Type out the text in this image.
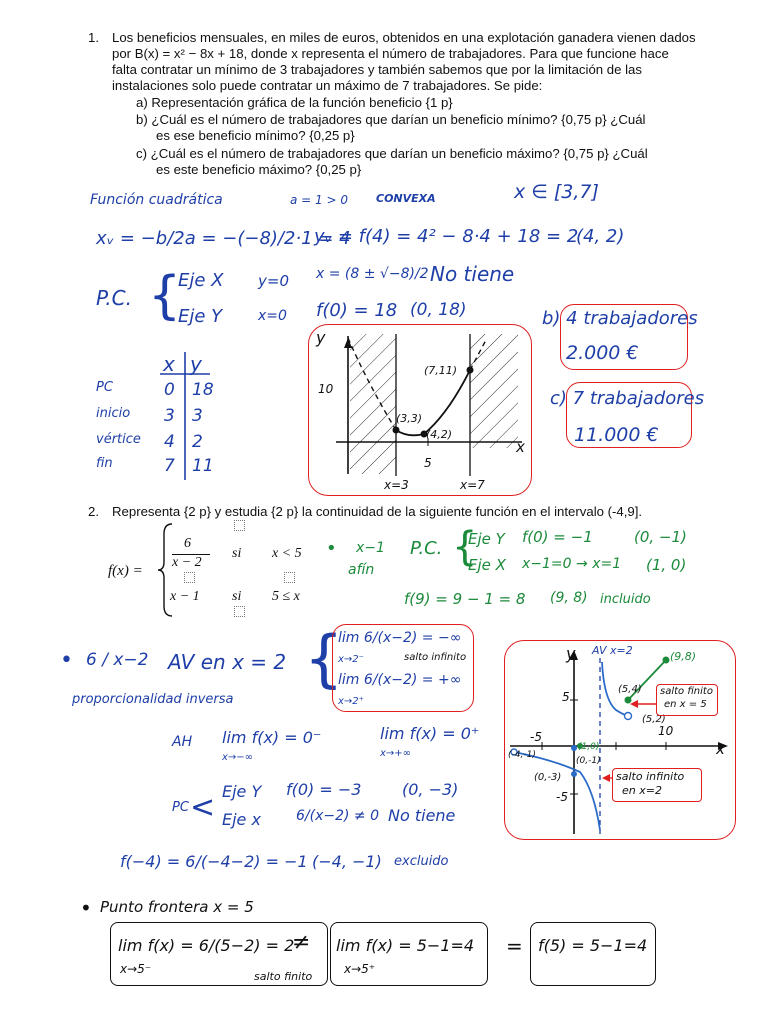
1. Los beneficios mensuales, en miles de euros, obtenidos en una explotación ganadera vienen dados
por B(x) = x² − 8x + 18, donde x representa el número de trabajadores. Para que funcione hace
falta contratar un mínimo de 3 trabajadores y también sabemos que por la limitación de las
instalaciones solo puede contratar un máximo de 7 trabajadores. Se pide:
a) Representación gráfica de la función beneficio {1 p}
b) ¿Cuál es el número de trabajadores que darían un beneficio mínimo? {0,75 p} ¿Cuál
es ese beneficio mínimo? {0,25 p}
c) ¿Cuál es el número de trabajadores que darían un beneficio máximo? {0,75 p} ¿Cuál
es este beneficio máximo? {0,25 p}
Función cuadrática	a = 1 > 0	CONVEXA	x ∈ [3,7]
xᵥ = −b/2a = −(−8)/2·1 = 4
yᵥ = f(4) = 4² − 8·4 + 18 = 2
(4, 2)
P.C. {
Eje X y=0 x = (8 ± √−8)/2 No tiene
Eje Y	x=0 f(0) = 18 (0, 18)	b) 4 trabajadores
2.000 €
c) 7 trabajadores
11.000 €
x y
PC	0 18
inicio 3 3
vértice 4 2
fin	7 11
y
x
10
5
(7,11)
(3,3)
(4,2)
x=3	x=7
2. Representa {2 p} y estudia {2 p} la continuidad de la siguiente función en el intervalo (-4,9].
f(x) =
6
x − 2
si x < 5
x − 1 si 5 ≤ x
• x−1
afín
P.C. {
Eje Y f(0) = −1	(0, −1)
Eje X x−1=0 → x=1 (1, 0)
f(9) = 9 − 1 = 8 (9, 8) incluido
• 6 / x−2 AV en x = 2
proporcionalidad inversa
{
lim 6/(x−2) = −∞
x→2⁻
lim 6/(x−2) = +∞
x→2⁺
salto infinito
AH lim f(x) = 0⁻
x→−∞
lim f(x) = 0⁺
x→+∞
PC < Eje Y f(0) = −3	(0, −3)
Eje x	6/(x−2) ≠ 0 No tiene
f(−4) = 6/(−4−2) = −1 (−4, −1) excluido
• Punto frontera x = 5
lim f(x) = 6/(5−2) = 2
x→5⁻
≠
salto finito
lim f(x) = 5−1=4
x→5⁺
= f(5) = 5−1=4
y
x
AV x=2	(9,8)
(5,4)
(5,2)
salto finito
en x = 5
salto infinito
en x=2
5
10
-5
-5
(1,0)
(-4,-1)
(0,-3)
(0,-1)
